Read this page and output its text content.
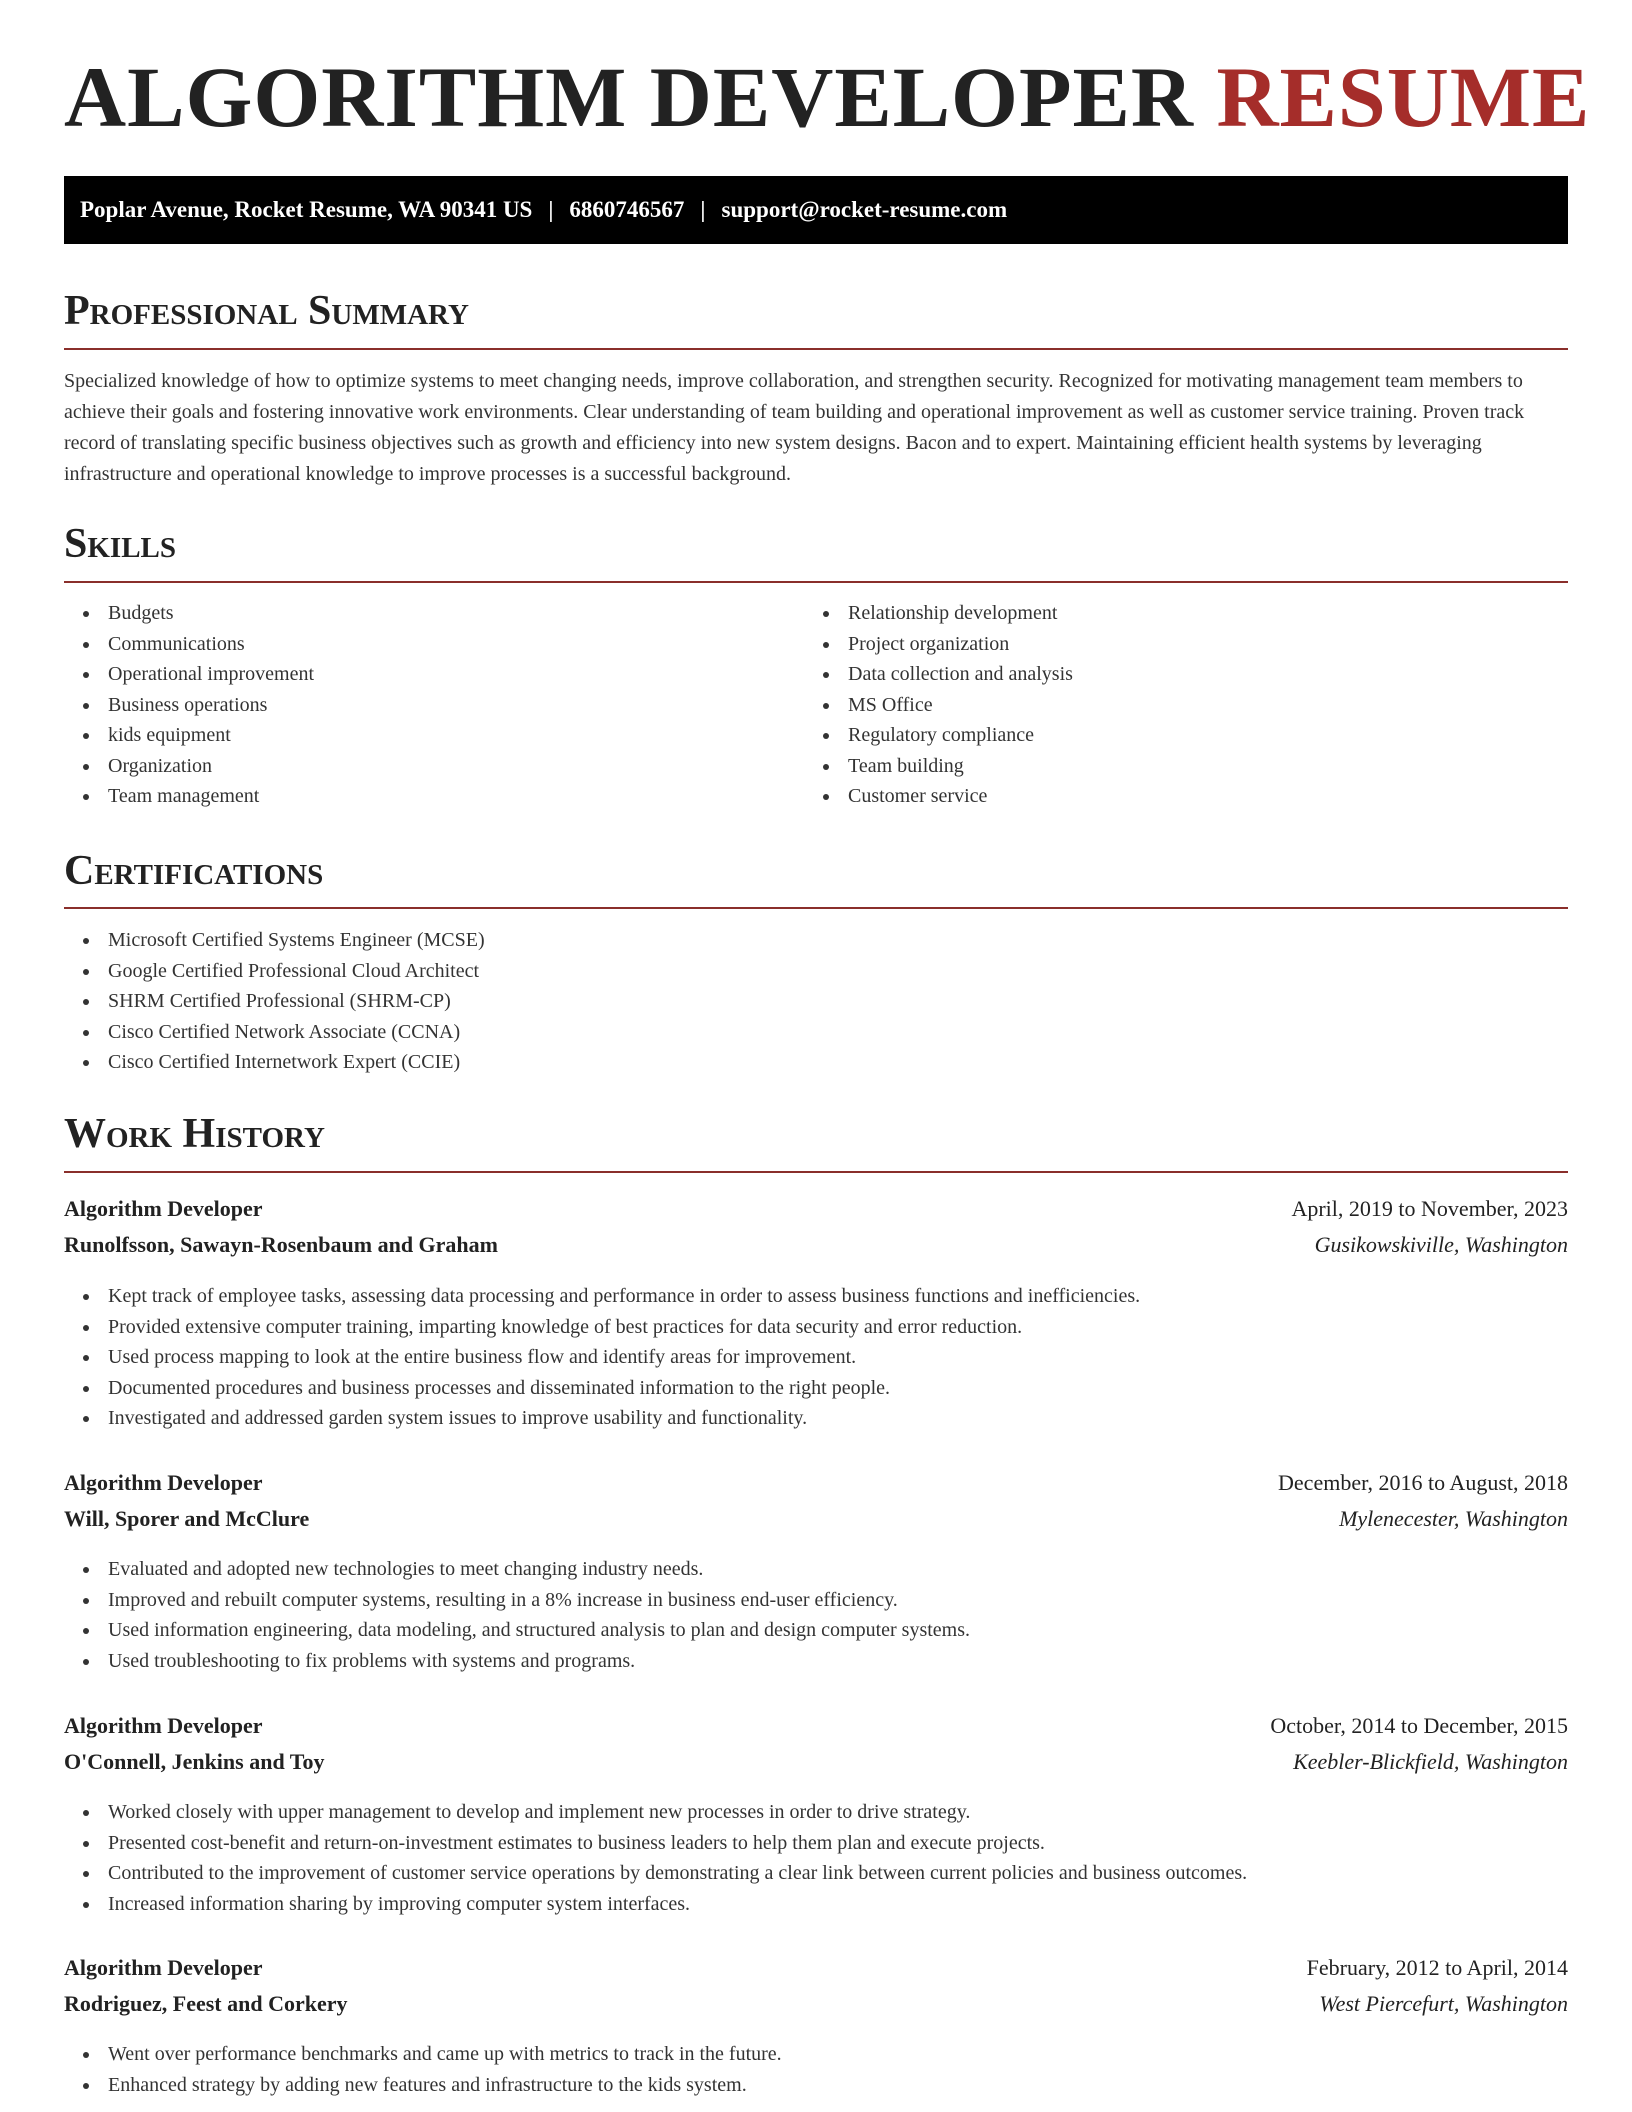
ALGORITHM DEVELOPER RESUME
Poplar Avenue, Rocket Resume, WA 90341 US | 6860746567 | support@rocket-resume.com
Professional Summary

Specialized knowledge of how to optimize systems to meet changing needs, improve collaboration, and strengthen security. Recognized for motivating management team members to achieve their goals and fostering innovative work environments. Clear understanding of team building and operational improvement as well as customer service training. Proven track record of translating specific business objectives such as growth and efficiency into new system designs. Bacon and to expert. Maintaining efficient health systems by leveraging infrastructure and operational knowledge to improve processes is a successful background.

Skills
Budgets
Communications
Operational improvement
Business operations
kids equipment
Organization
Team management
Relationship development
Project organization
Data collection and analysis
MS Office
Regulatory compliance
Team building
Customer service
Certifications
Microsoft Certified Systems Engineer (MCSE)
Google Certified Professional Cloud Architect
SHRM Certified Professional (SHRM-CP)
Cisco Certified Network Associate (CCNA)
Cisco Certified Internetwork Expert (CCIE)
Work History
Algorithm Developer	April, 2019 to November, 2023
Runolfsson, Sawayn-Rosenbaum and Graham	Gusikowskiville, Washington
Kept track of employee tasks, assessing data processing and performance in order to assess business functions and inefficiencies.
Provided extensive computer training, imparting knowledge of best practices for data security and error reduction.
Used process mapping to look at the entire business flow and identify areas for improvement.
Documented procedures and business processes and disseminated information to the right people.
Investigated and addressed garden system issues to improve usability and functionality.
Algorithm Developer	December, 2016 to August, 2018
Will, Sporer and McClure	Mylenecester, Washington
Evaluated and adopted new technologies to meet changing industry needs.
Improved and rebuilt computer systems, resulting in a 8% increase in business end-user efficiency.
Used information engineering, data modeling, and structured analysis to plan and design computer systems.
Used troubleshooting to fix problems with systems and programs.
Algorithm Developer	October, 2014 to December, 2015
O'Connell, Jenkins and Toy	Keebler-Blickfield, Washington
Worked closely with upper management to develop and implement new processes in order to drive strategy.
Presented cost-benefit and return-on-investment estimates to business leaders to help them plan and execute projects.
Contributed to the improvement of customer service operations by demonstrating a clear link between current policies and business outcomes.
Increased information sharing by improving computer system interfaces.
Algorithm Developer	February, 2012 to April, 2014
Rodriguez, Feest and Corkery	West Piercefurt, Washington
Went over performance benchmarks and came up with metrics to track in the future.
Enhanced strategy by adding new features and infrastructure to the kids system.
